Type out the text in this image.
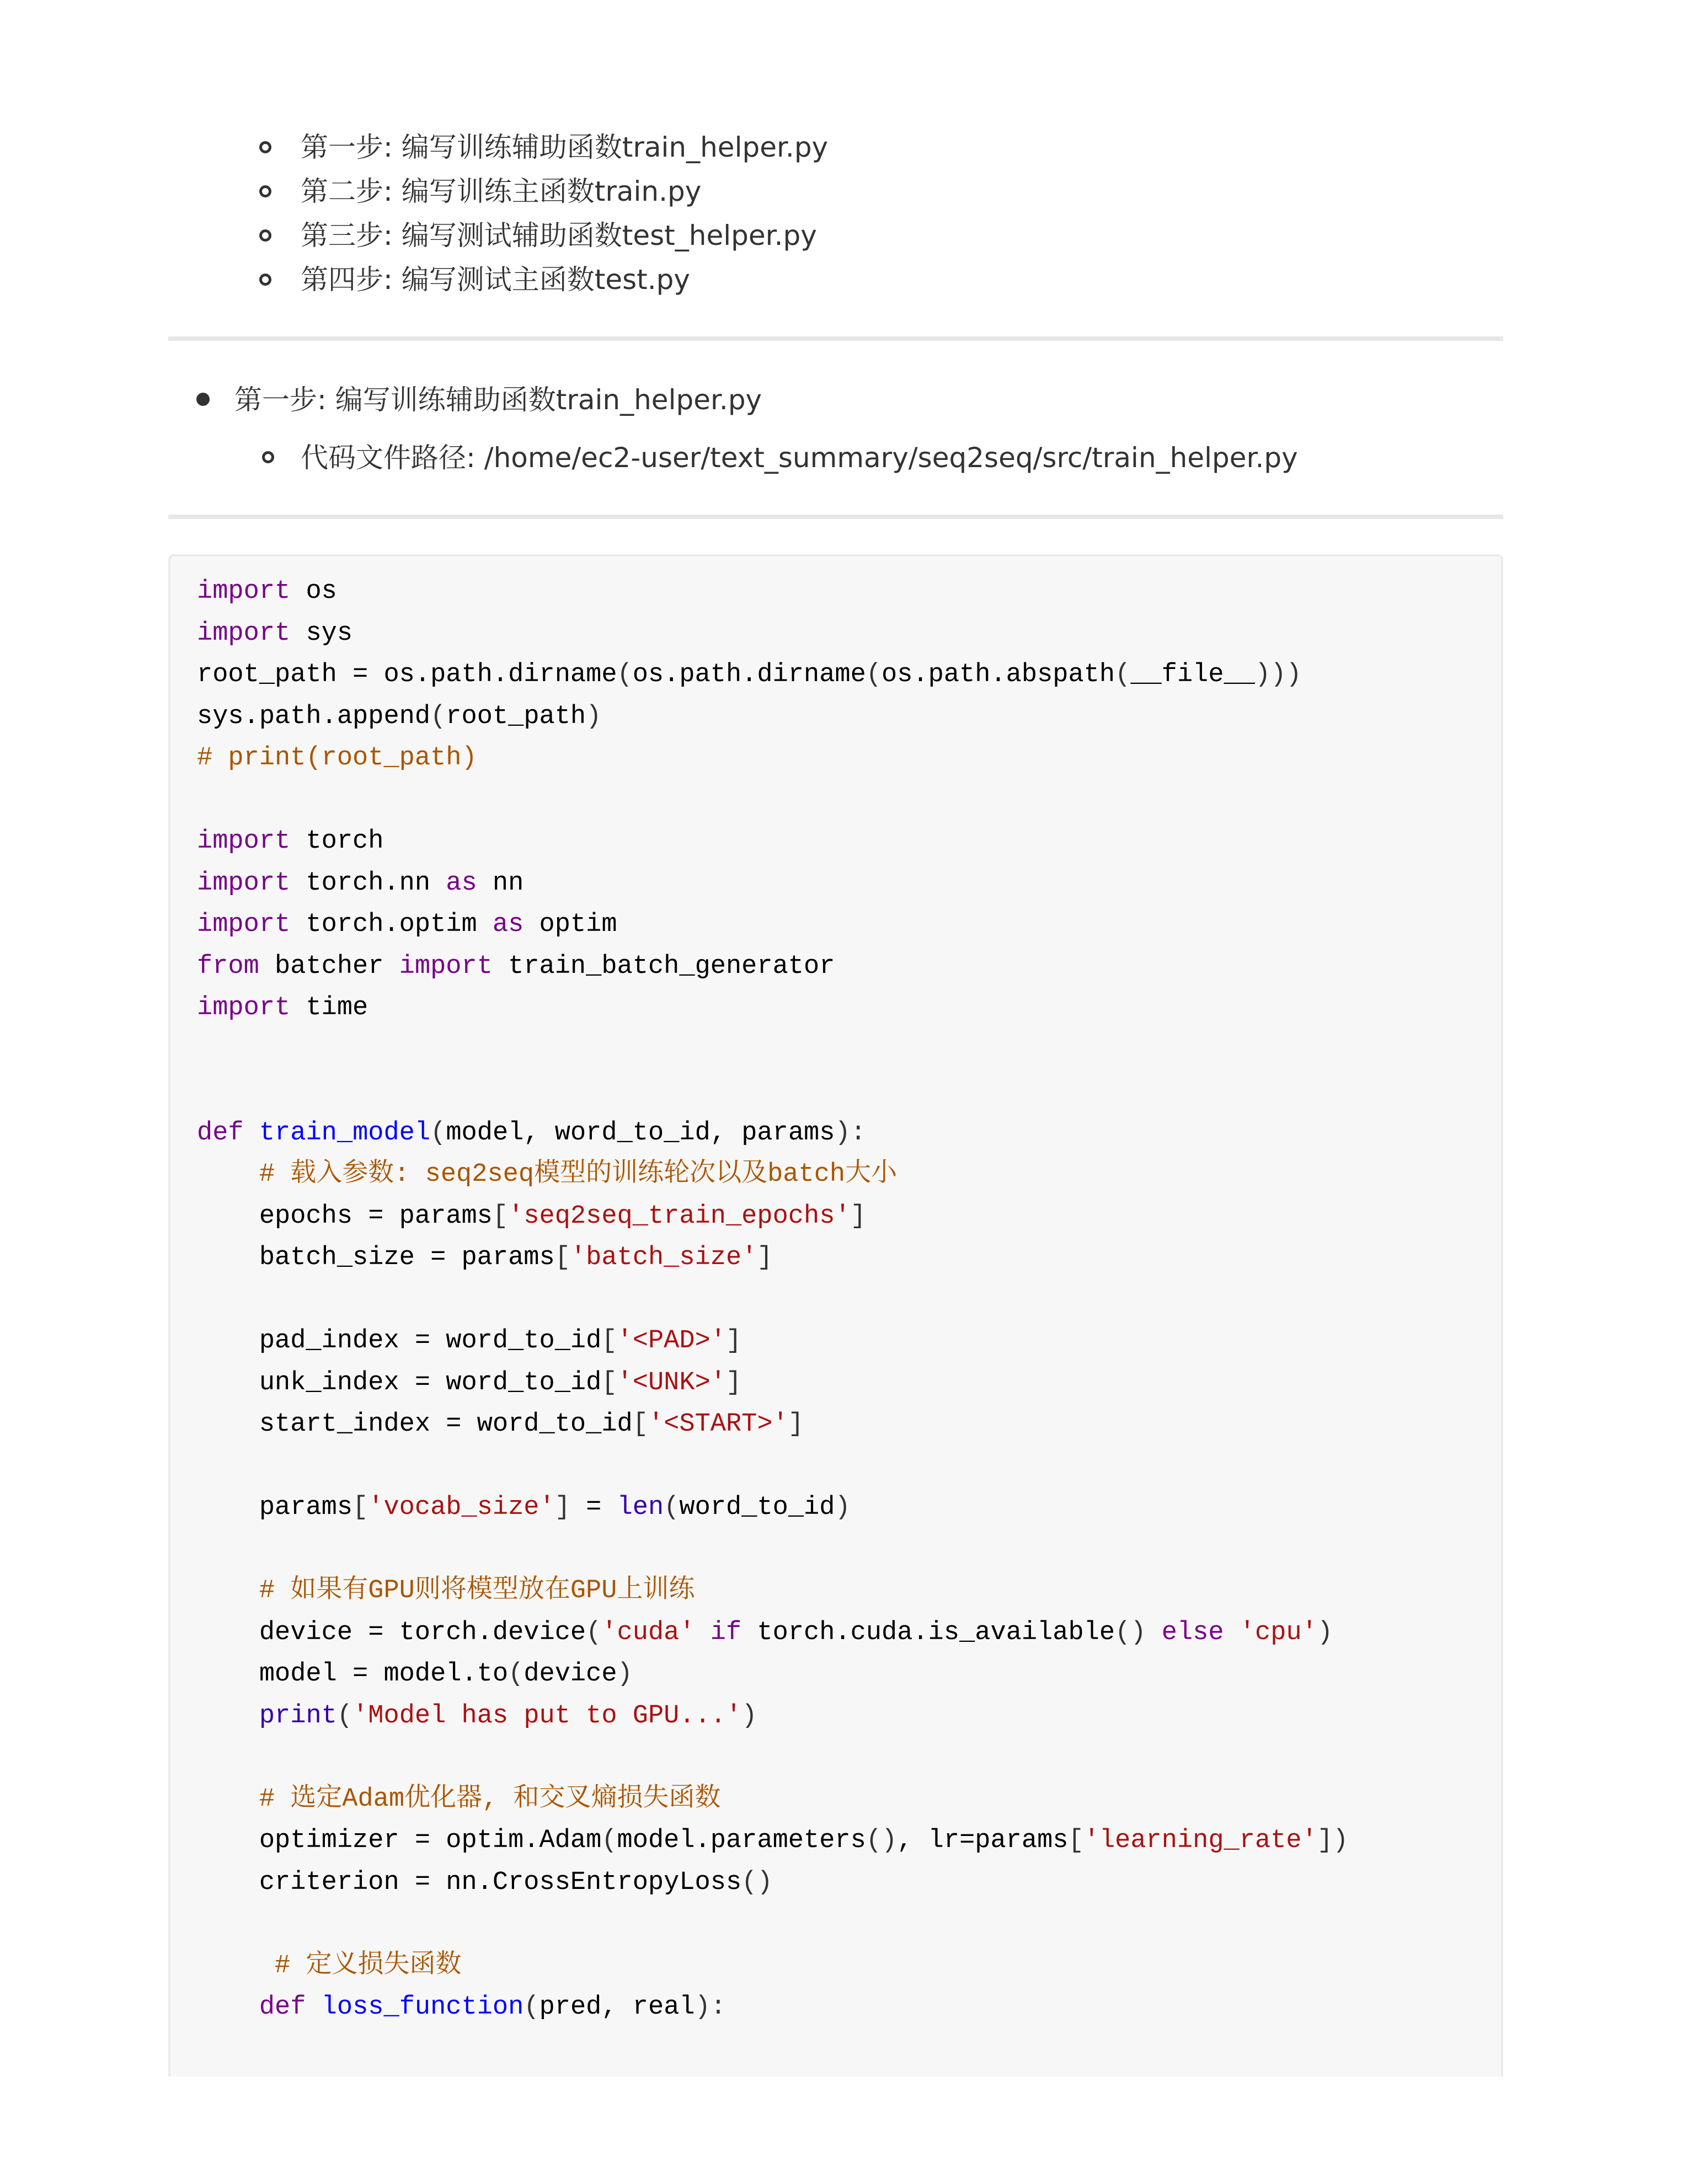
第一步: 编写训练辅助函数train_helper.py
第二步: 编写训练主函数train.py
第三步: 编写测试辅助函数test_helper.py
第四步: 编写测试主函数test.py
第一步: 编写训练辅助函数train_helper.py
代码文件路径: /home/ec2-user/text_summary/seq2seq/src/train_helper.py
import os
import sys
root_path = os.path.dirname(os.path.dirname(os.path.abspath(__file__)))
sys.path.append(root_path)
# print(root_path)

import torch
import torch.nn as nn
import torch.optim as optim
from batcher import train_batch_generator
import time

def train_model(model, word_to_id, params):
# 载入参数: seq2seq模型的训练轮次以及batch大小
epochs = params['seq2seq_train_epochs']
batch_size = params['batch_size']

pad_index = word_to_id['<PAD>']
unk_index = word_to_id['<UNK>']
start_index = word_to_id['<START>']

params['vocab_size'] = len(word_to_id)

# 如果有GPU则将模型放在GPU上训练
device = torch.device('cuda' if torch.cuda.is_available() else 'cpu')
model = model.to(device)
print('Model has put to GPU...')

# 选定Adam优化器, 和交叉熵损失函数
optimizer = optim.Adam(model.parameters(), lr=params['learning_rate'])
criterion = nn.CrossEntropyLoss()

# 定义损失函数
def loss_function(pred, real):
